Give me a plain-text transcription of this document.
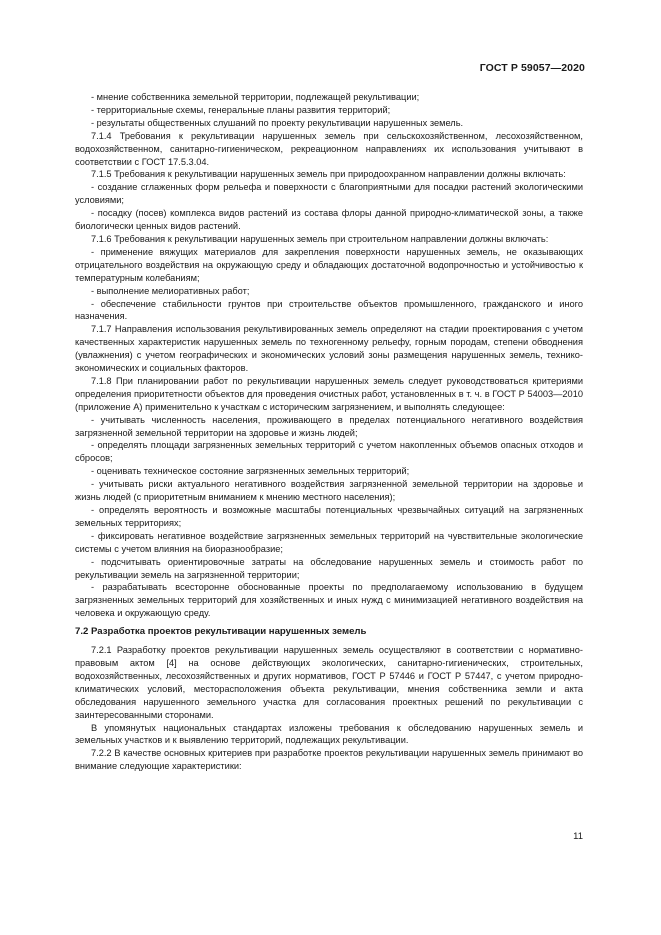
ГОСТ Р 59057—2020

- мнение собственника земельной территории, подлежащей рекультивации;

- территориальные схемы, генеральные планы развития территорий;

- результаты общественных слушаний по проекту рекультивации нарушенных земель.

7.1.4 Требования к рекультивации нарушенных земель при сельскохозяйственном, лесохозяйственном, водохозяйственном, санитарно-гигиеническом, рекреационном направлениях их использования учитывают в соответствии с ГОСТ 17.5.3.04.

7.1.5 Требования к рекультивации нарушенных земель при природоохранном направлении должны включать:

- создание сглаженных форм рельефа и поверхности с благоприятными для посадки растений экологическими условиями;

- посадку (посев) комплекса видов растений из состава флоры данной природно-климатической зоны, а также биологически ценных видов растений.

7.1.6 Требования к рекультивации нарушенных земель при строительном направлении должны включать:

- применение вяжущих материалов для закрепления поверхности нарушенных земель, не оказывающих отрицательного воздействия на окружающую среду и обладающих достаточной водопрочностью и устойчивостью к температурным колебаниям;

- выполнение мелиоративных работ;

- обеспечение стабильности грунтов при строительстве объектов промышленного, гражданского и иного назначения.

7.1.7 Направления использования рекультивированных земель определяют на стадии проектирования с учетом качественных характеристик нарушенных земель по техногенному рельефу, горным породам, степени обводнения (увлажнения) с учетом географических и экономических условий зоны размещения нарушенных земель, технико-экономических и социальных факторов.

7.1.8 При планировании работ по рекультивации нарушенных земель следует руководствоваться критериями определения приоритетности объектов для проведения очистных работ, установленных в т. ч. в ГОСТ Р 54003—2010 (приложение А) применительно к участкам с историческим загрязнением, и выполнять следующее:

- учитывать численность населения, проживающего в пределах потенциального негативного воздействия загрязненной земельной территории на здоровье и жизнь людей;

- определять площади загрязненных земельных территорий с учетом накопленных объемов опасных отходов и сбросов;

- оценивать техническое состояние загрязненных земельных территорий;

- учитывать риски актуального негативного воздействия загрязненной земельной территории на здоровье и жизнь людей (с приоритетным вниманием к мнению местного населения);

- определять вероятность и возможные масштабы потенциальных чрезвычайных ситуаций на загрязненных земельных территориях;

- фиксировать негативное воздействие загрязненных земельных территорий на чувствительные экологические системы с учетом влияния на биоразнообразие;

- подсчитывать ориентировочные затраты на обследование нарушенных земель и стоимость работ по рекультивации земель на загрязненной территории;

- разрабатывать всесторонне обоснованные проекты по предполагаемому использованию в будущем загрязненных земельных территорий для хозяйственных и иных нужд с минимизацией негативного воздействия на человека и окружающую среду.

7.2 Разработка проектов рекультивации нарушенных земель

7.2.1 Разработку проектов рекультивации нарушенных земель осуществляют в соответствии с нормативно-правовым актом [4] на основе действующих экологических, санитарно-гигиенических, строительных, водохозяйственных, лесохозяйственных и других нормативов, ГОСТ Р 57446 и ГОСТ Р 57447, с учетом природно-климатических условий, месторасположения объекта рекультивации, мнения собственника земли и акта обследования нарушенного земельного участка для согласования проектных решений по рекультивации с заинтересованными сторонами.

В упомянутых национальных стандартах изложены требования к обследованию нарушенных земель и земельных участков и к выявлению территорий, подлежащих рекультивации.

7.2.2 В качестве основных критериев при разработке проектов рекультивации нарушенных земель принимают во внимание следующие характеристики:

11
